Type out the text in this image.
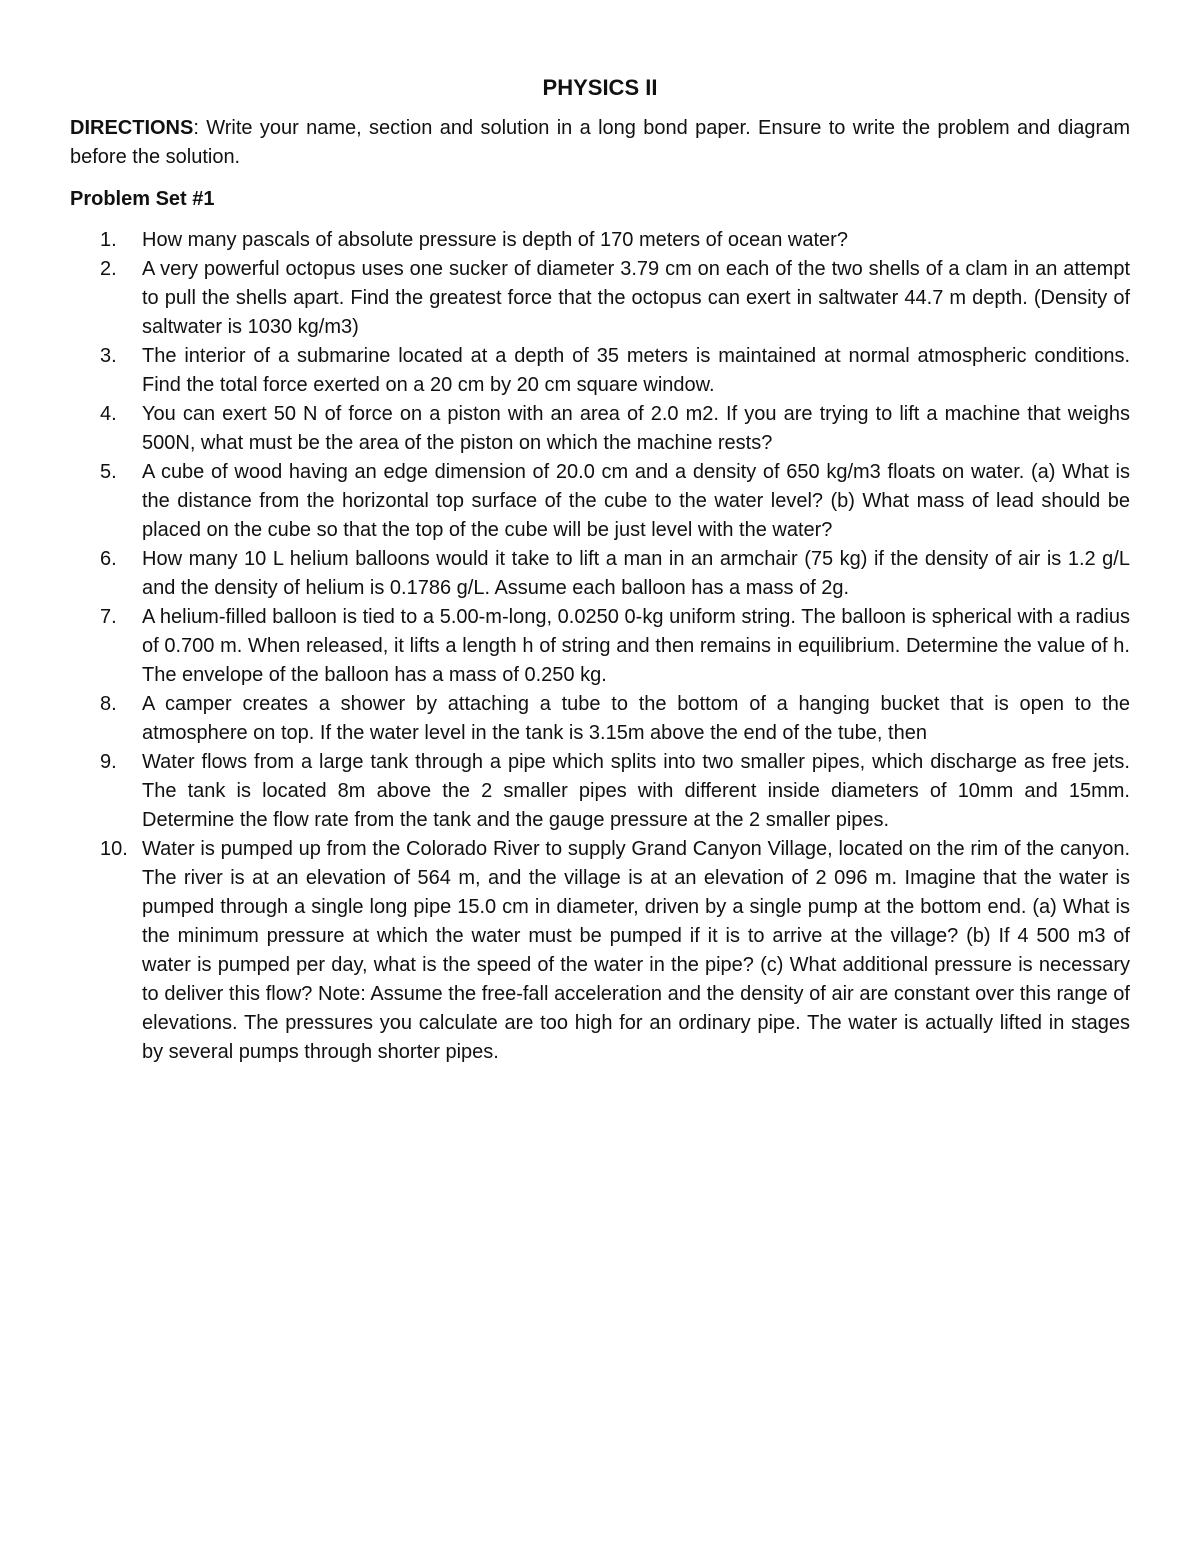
PHYSICS II

DIRECTIONS: Write your name, section and solution in a long bond paper. Ensure to write the problem and diagram before the solution.

Problem Set #1
1.	How many pascals of absolute pressure is depth of 170 meters of ocean water?
2.	A very powerful octopus uses one sucker of diameter 3.79 cm on each of the two shells of a clam in an attempt to pull the shells apart. Find the greatest force that the octopus can exert in saltwater 44.7 m depth. (Density of saltwater is 1030 kg/m3)
3.	The interior of a submarine located at a depth of 35 meters is maintained at normal atmospheric conditions. Find the total force exerted on a 20 cm by 20 cm square window.
4.	You can exert 50 N of force on a piston with an area of 2.0 m2. If you are trying to lift a machine that weighs 500N, what must be the area of the piston on which the machine rests?
5.	A cube of wood having an edge dimension of 20.0 cm and a density of 650 kg/m3 floats on water. (a) What is the distance from the horizontal top surface of the cube to the water level? (b) What mass of lead should be placed on the cube so that the top of the cube will be just level with the water?
6.	How many 10 L helium balloons would it take to lift a man in an armchair (75 kg) if the density of air is 1.2 g/L and the density of helium is 0.1786 g/L. Assume each balloon has a mass of 2g.
7.	A helium-filled balloon is tied to a 5.00-m-long, 0.0250 0-kg uniform string. The balloon is spherical with a radius of 0.700 m. When released, it lifts a length h of string and then remains in equilibrium. Determine the value of h. The envelope of the balloon has a mass of 0.250 kg.
8.	A camper creates a shower by attaching a tube to the bottom of a hanging bucket that is open to the atmosphere on top. If the water level in the tank is 3.15m above the end of the tube, then
9.	Water flows from a large tank through a pipe which splits into two smaller pipes, which discharge as free jets. The tank is located 8m above the 2 smaller pipes with different inside diameters of 10mm and 15mm. Determine the flow rate from the tank and the gauge pressure at the 2 smaller pipes.
10. Water is pumped up from the Colorado River to supply Grand Canyon Village, located on the rim of the canyon. The river is at an elevation of 564 m, and the village is at an elevation of 2 096 m. Imagine that the water is pumped through a single long pipe 15.0 cm in diameter, driven by a single pump at the bottom end. (a) What is the minimum pressure at which the water must be pumped if it is to arrive at the village? (b) If 4 500 m3 of water is pumped per day, what is the speed of the water in the pipe? (c) What additional pressure is necessary to deliver this flow? Note: Assume the free-fall acceleration and the density of air are constant over this range of elevations. The pressures you calculate are too high for an ordinary pipe. The water is actually lifted in stages by several pumps through shorter pipes.
